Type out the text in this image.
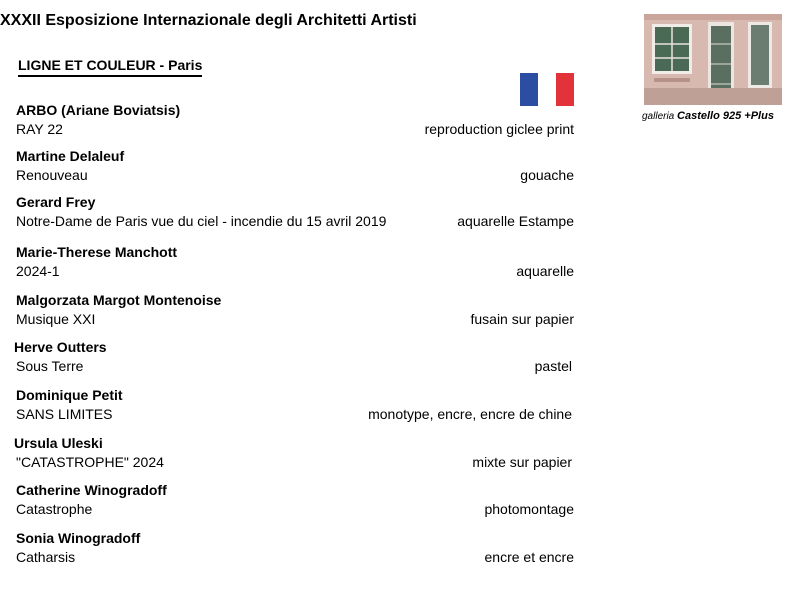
XXXII Esposizione Internazionale degli Architetti Artisti
LIGNE ET COULEUR - Paris
galleria Castello 925 +Plus
ARBO (Ariane Boviatsis)
RAY 22	reproduction giclee print
Martine Delaleuf
Renouveau	gouache
Gerard Frey
Notre-Dame de Paris vue du ciel - incendie du 15 avril 2019	aquarelle Estampe
Marie-Therese Manchott
2024-1	aquarelle
Malgorzata Margot Montenoise
Musique XXI	fusain sur papier
Herve Outters
Sous Terre	pastel
Dominique Petit
SANS LIMITES	monotype, encre, encre de chine
Ursula Uleski
"CATASTROPHE" 2024	mixte sur papier
Catherine Winogradoff
Catastrophe	photomontage
Sonia Winogradoff
Catharsis	encre et encre
